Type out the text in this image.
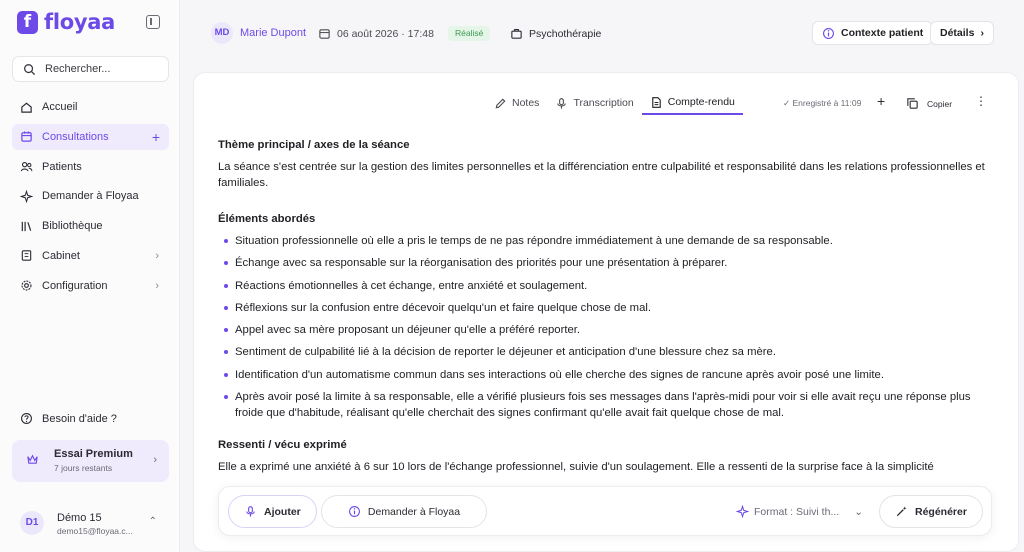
f floyaa
Rechercher...
Accueil
Consultations	+
Patients
Demander à Floyaa
Bibliothèque
Cabinet	›
Configuration	›
Besoin d'aide ?
Essai Premium
7 jours restants
›
D1	Démo 15
demo15@floyaa.c...
⌃
MD Marie Dupont	06 août 2026 · 17:48	Réalisé	Psychothérapie	Contexte patient Détails ›
Notes	Transcription	Compte-rendu	✓ Enregistré à 11:09 +	Copier ⋮
Thème principal / axes de la séance

La séance s'est centrée sur la gestion des limites personnelles et la différenciation entre culpabilité et responsabilité dans les relations professionnelles et familiales.

Éléments abordés
Situation professionnelle où elle a pris le temps de ne pas répondre immédiatement à une demande de sa responsable.
Échange avec sa responsable sur la réorganisation des priorités pour une présentation à préparer.
Réactions émotionnelles à cet échange, entre anxiété et soulagement.
Réflexions sur la confusion entre décevoir quelqu'un et faire quelque chose de mal.
Appel avec sa mère proposant un déjeuner qu'elle a préféré reporter.
Sentiment de culpabilité lié à la décision de reporter le déjeuner et anticipation d'une blessure chez sa mère.
Identification d'un automatisme commun dans ses interactions où elle cherche des signes de rancune après avoir posé une limite.
Après avoir posé la limite à sa responsable, elle a vérifié plusieurs fois ses messages dans l'après-midi pour voir si elle avait reçu une réponse plus froide que d'habitude, réalisant qu'elle cherchait des signes confirmant qu'elle avait fait quelque chose de mal.
Ressenti / vécu exprimé

Elle a exprimé une anxiété à 6 sur 10 lors de l'échange professionnel, suivie d'un soulagement. Elle a ressenti de la surprise face à la simplicité

Ajouter	Demander à Floyaa	Format : Suivi th... ⌄	Régénérer
